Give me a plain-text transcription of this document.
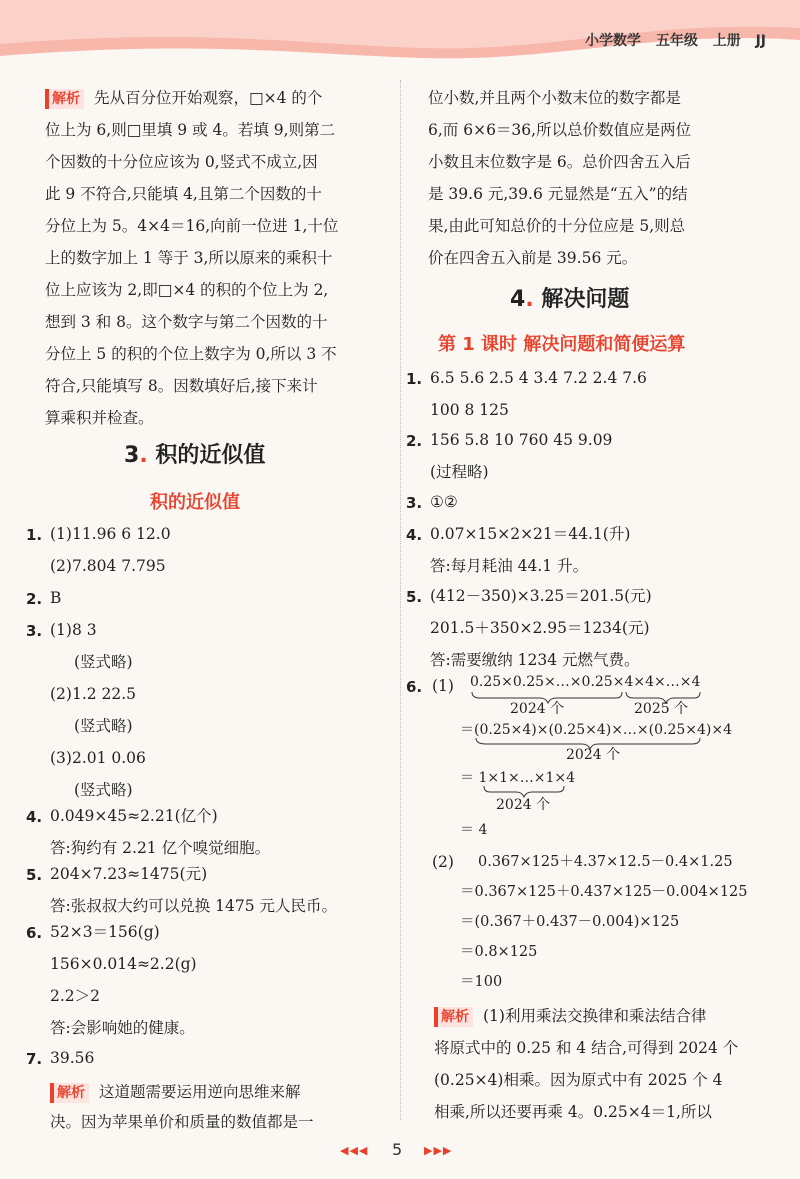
小学数学 五年级 上册 JJ
解析 先从百分位开始观察，□×4 的个
位上为 6,则□里填 9 或 4。若填 9,则第二
个因数的十分位应该为 0,竖式不成立,因
此 9 不符合,只能填 4,且第二个因数的十
分位上为 5。4×4＝16,向前一位进 1,十位
上的数字加上 1 等于 3,所以原来的乘积十
位上应该为 2,即□×4 的积的个位上为 2,
想到 3 和 8。这个数字与第二个因数的十
分位上 5 的积的个位上数字为 0,所以 3 不
符合,只能填写 8。因数填好后,接下来计
算乘积并检查。
3. 积的近似值
积的近似值
1. (1)11.96 6 12.0
(2)7.804 7.795
2. B
3. (1)8 3
(竖式略)
(2)1.2 22.5
(竖式略)
(3)2.01 0.06
(竖式略)
4. 0.049×45≈2.21(亿个)
答:狗约有 2.21 亿个嗅觉细胞。
5. 204×7.23≈1475(元)
答:张叔叔大约可以兑换 1475 元人民币。
6. 52×3＝156(g)
156×0.014≈2.2(g)
2.2＞2
答:会影响她的健康。
7. 39.56
解析 这道题需要运用逆向思维来解
决。因为苹果单价和质量的数值都是一
位小数,并且两个小数末位的数字都是
6,而 6×6＝36,所以总价数值应是两位
小数且末位数字是 6。总价四舍五入后
是 39.6 元,39.6 元显然是“五入”的结
果,由此可知总价的十分位应是 5,则总
价在四舍五入前是 39.56 元。
4. 解决问题
第 1 课时 解决问题和简便运算
1. 6.5 5.6 2.5 4 3.4 7.2 2.4 7.6
100 8 125
2. 156 5.8 10 760 45 9.09
(过程略)
3. ①②
4. 0.07×15×2×21＝44.1(升)
答:每月耗油 44.1 升。
5. (412－350)×3.25＝201.5(元)
201.5＋350×2.95＝1234(元)
答:需要缴纳 1234 元燃气费。
6. (1) 0.25×0.25×…×0.25×4×4×…×4
2024 个	2025 个
＝(0.25×4)×(0.25×4)×…×(0.25×4)×4
2024 个
＝ 1×1×…×1×4
2024 个
＝ 4
(2) 0.367×125＋4.37×12.5－0.4×1.25
＝0.367×125＋0.437×125－0.004×125
＝(0.367＋0.437－0.004)×125
＝0.8×125
＝100
解析 (1)利用乘法交换律和乘法结合律
将原式中的 0.25 和 4 结合,可得到 2024 个
(0.25×4)相乘。因为原式中有 2025 个 4
相乘,所以还要再乘 4。0.25×4＝1,所以
◀◀◀ 5 ▶▶▶
